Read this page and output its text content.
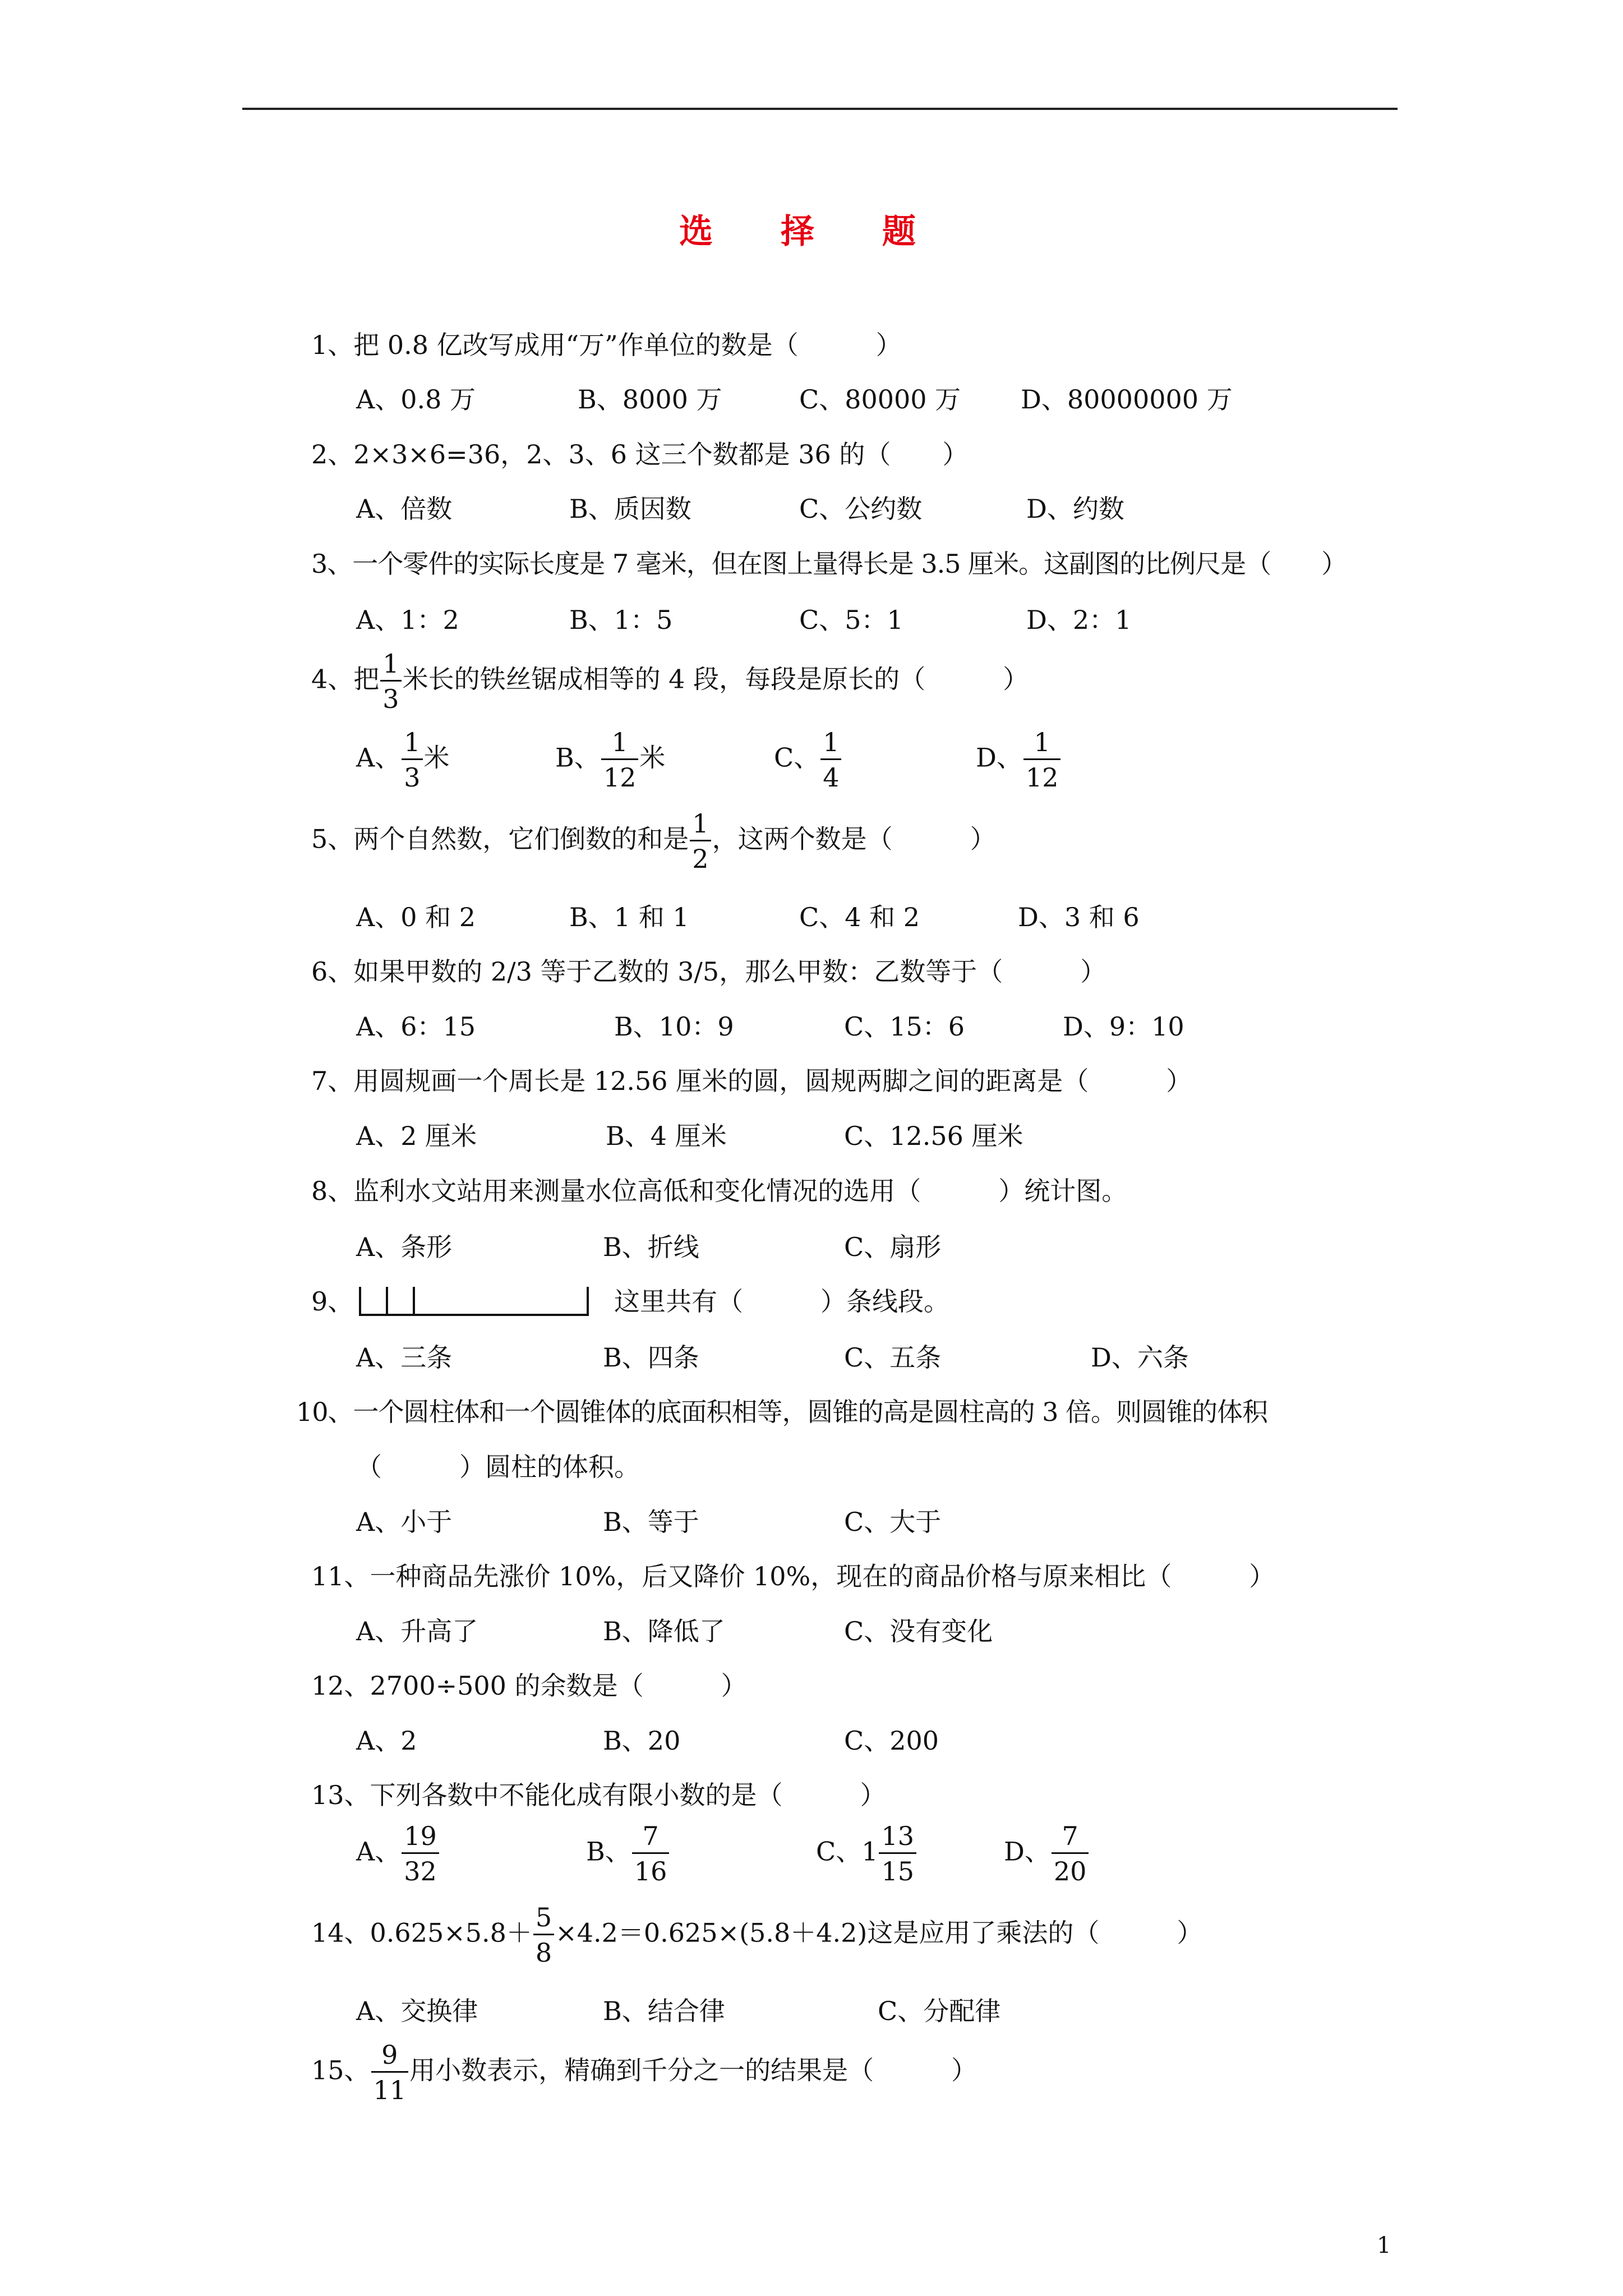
选 择 题
1、把 0.8 亿改写成用“万”作单位的数是（　　　）
A、0.8 万	B、8000 万	C、80000 万 D、80000000 万
2、2×3×6=36，2、3、6 这三个数都是 36 的（　　）
A、倍数	B、质因数	C、公约数	D、约数
3、一个零件的实际长度是 7 毫米，但在图上量得长是 3.5 厘米。这副图的比例尺是（　　）
A、1：2	B、1：5	C、5：1	D、2：1
4、把 $\frac{1}{3}$ 米长的铁丝锯成相等的 4 段，每段是原长的（　　　）
A、 $\frac{1}{3}$ 米	B、 $\frac{1}{12}$ 米	C、 $\frac{1}{4}$	D、 $\frac{1}{12}$
5、两个自然数，它们倒数的和是 $\frac{1}{2}$ ，这两个数是（　　　）
A、0 和 2	B、1 和 1	C、4 和 2	D、3 和 6
6、如果甲数的 2/3 等于乙数的 3/5，那么甲数：乙数等于（　　　）
A、6：15	B、10：9	C、15：6	D、9：10
7、用圆规画一个周长是 12.56 厘米的圆，圆规两脚之间的距离是（　　　）
A、2 厘米	B、4 厘米	C、12.56 厘米
8、监利水文站用来测量水位高低和变化情况的选用（　　　）统计图。
A、条形	B、折线	C、扇形
9、	这里共有（　　　）条线段。
A、三条	B、四条	C、五条	D、六条
10、一个圆柱体和一个圆锥体的底面积相等，圆锥的高是圆柱高的 3 倍。则圆锥的体积
（　　　）圆柱的体积。
A、小于	B、等于	C、大于
11、一种商品先涨价 10%，后又降价 10%，现在的商品价格与原来相比（　　　）
A、升高了	B、降低了	C、没有变化
12、2700÷500 的余数是（　　　）
A、2	B、20	C、200
13、下列各数中不能化成有限小数的是（　　　）
A、 $\frac{19}{32}$	B、 $\frac{7}{16}$	C、$1 \frac{13}{15}$	D、 $\frac{7}{20}$
14、$0.625\times 5.8+ \frac{5}{8} \times 4.2=0.625\times(5.8+4.2)$这是应用了乘法的（　　　）
A、交换律	B、结合律	C、分配律
15、 $\frac{9}{11}$ 用小数表示，精确到千分之一的结果是（　　　）
1
